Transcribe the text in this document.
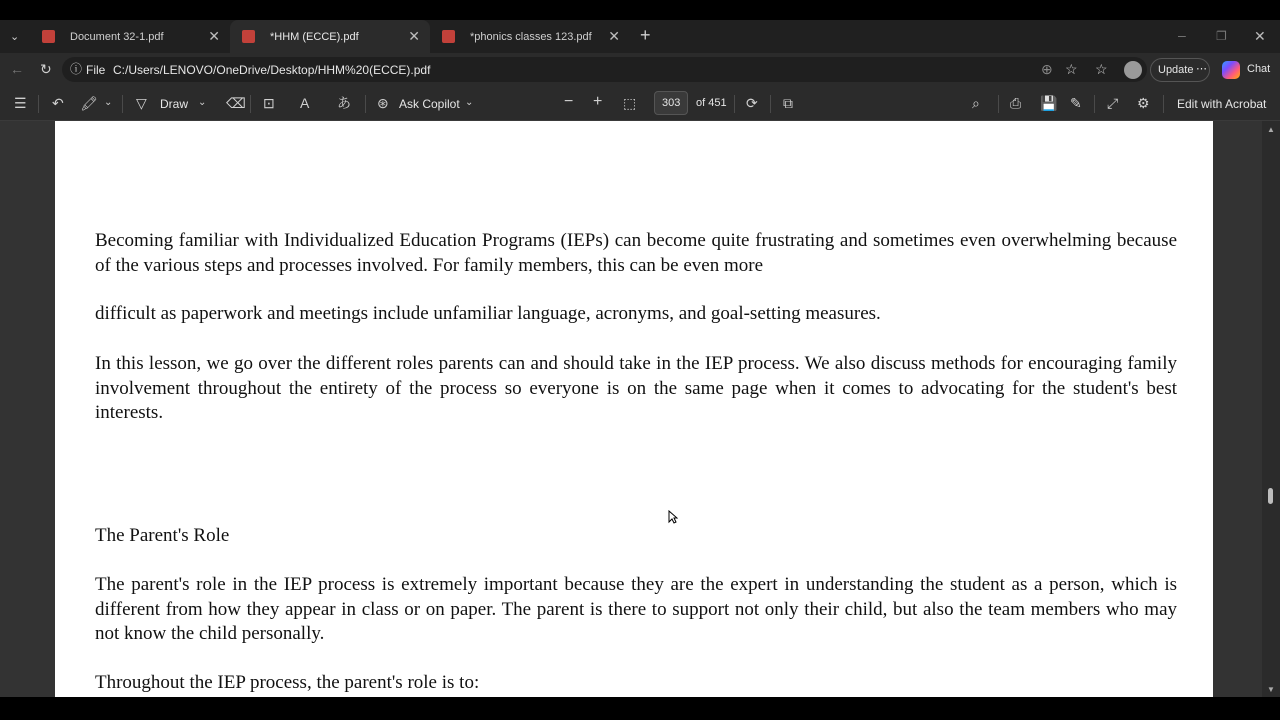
⌄	Document 32-1.pdf	✕	*HHM (ECCE).pdf	✕	*phonics classes 123.pdf ✕ +	–	❐ ✕
← ↻ ⓘ File C:/Users/LENOVO/OneDrive/Desktop/HHM%20(ECCE).pdf	⊕ ☆ ☆	Update ⋯	Chat
☰ ↶ 🖍 ⌄ ▽ Draw ⌄ ⌫ ⊡ A あ ⊛ Ask Copilot ⌄	− + ⬚ 303 of 451 ⟳ ⧉	⌕ ⎙ 💾 ✎ ⤢ ⚙ Edit with Acrobat
Becoming familiar with Individualized Education Programs (IEPs) can become quite frustrating and sometimes even overwhelming because of the various steps and processes involved. For family members, this can be even more
difficult as paperwork and meetings include unfamiliar language, acronyms, and goal-setting measures.
In this lesson, we go over the different roles parents can and should take in the IEP process. We also discuss methods for encouraging family involvement throughout the entirety of the process so everyone is on the same page when it comes to advocating for the student's best interests.
The Parent's Role
The parent's role in the IEP process is extremely important because they are the expert in understanding the student as a person, which is different from how they appear in class or on paper. The parent is there to support not only their child, but also the team members who may not know the child personally.
Throughout the IEP process, the parent's role is to:
▲
▼
